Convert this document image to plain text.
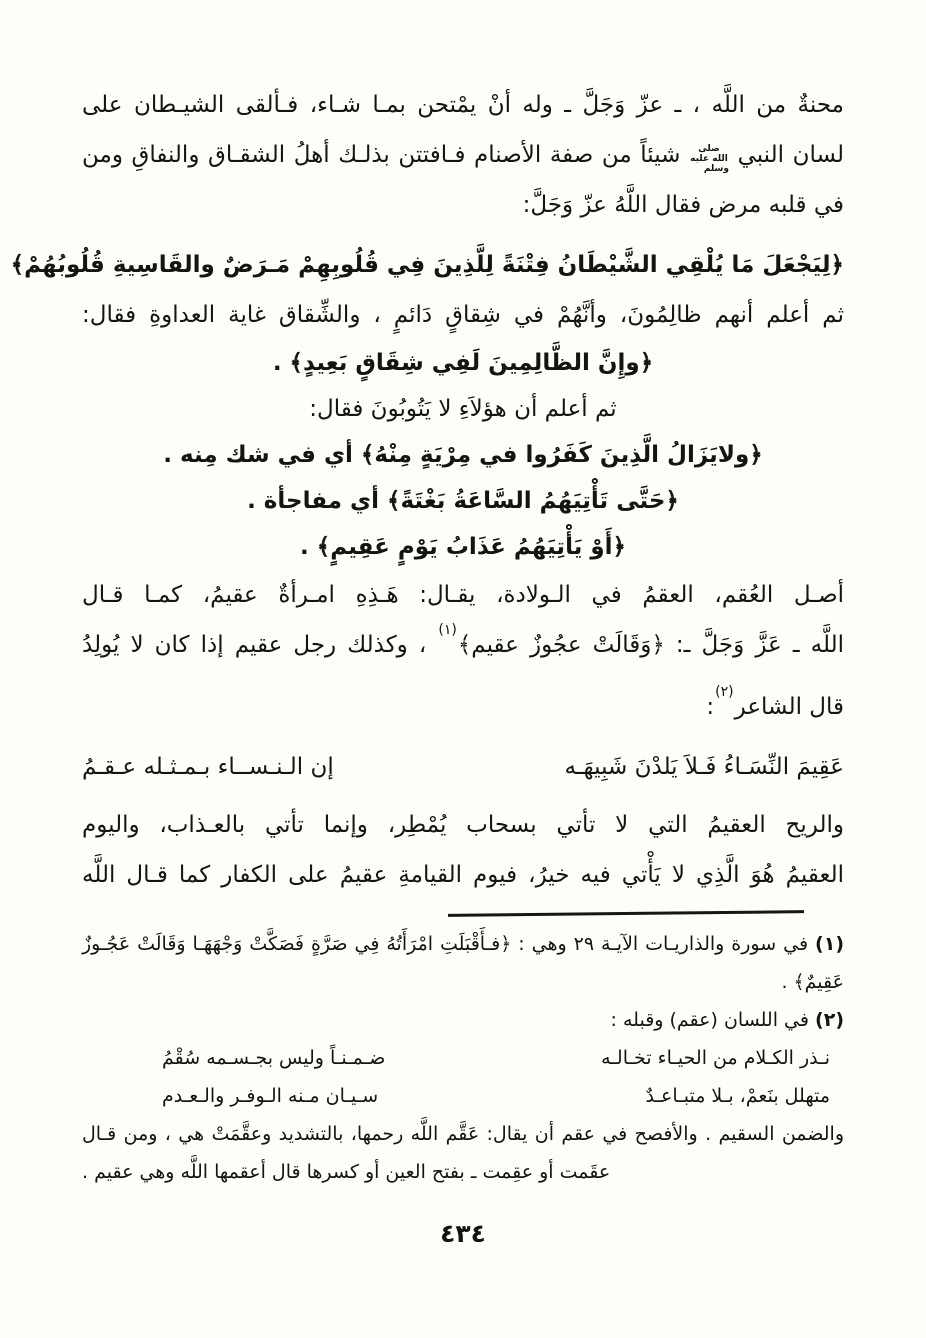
محنةٌ من اللَّه ، ـ عزّ وَجَلَّ ـ وله أنْ يمْتحن بمـا شـاء، فـألقى الشيـطان على
لسان النبي صلى الله عليه وسلم شيئاً من صفة الأصنام فـافتتن بذلـك أهلُ الشقـاق والنفاقِ ومن
في قلبه مرض فقال اللَّهُ عزّ وَجَلَّ:
﴿لِيَجْعَلَ مَا يُلْقِي الشَّيْطَانُ فِتْنَةً لِلَّذِينَ فِي قُلُوبِهِمْ مَـرَضٌ والقَاسِيةِ قُلُوبُهُمْ﴾
ثم أعلم أنهم ظالِمُونَ، وأنَّهُمْ في شِقاقٍ دَائمٍ ، والشِّقاق غاية العداوةِ فقال:
﴿وإِنَّ الظَّالِمِينَ لَفِي شِقَاقٍ بَعِيدٍ﴾ .
ثم أعلم أن هؤلاَءِ لا يَتُوبُونَ فقال:
﴿ولايَزَالُ الَّذِينَ كَفَرُوا في مِرْيَةٍ مِنْهُ﴾ أي في شك مِنه .
﴿حَتَّى تَأْتِيَهُمُ السَّاعَةُ بَغْتَةً﴾ أي مفاجأة .
﴿أَوْ يَأْتِيَهُمُ عَذَابُ يَوْمٍ عَقِيمٍ﴾ .
أصـل العُقم، العقمُ في الـولادة، يقـال: هَـذِهِ امـرأةٌ عقيمُ، كمـا قـال
اللَّه ـ عَزَّ وَجَلَّ ـ: ﴿وَقَالَتْ عجُوزٌ عقيم﴾$^{(١)}$ ، وكذلك رجل عقيم إذا كان لا يُولِدُ
قال الشاعر$^{(٢)}$:
عَقِيمَ النِّسَـاءُ فَـلاَ يَلدْنَ شَبِيهَـه
إن الـنـســاء بـمـثـله عـقـمُ
والريح العقيمُ التي لا تأتي بسحاب يُمْطِر، وإنما تأتي بالعـذاب، واليوم
العقيمُ هُوَ الَّذِي لا يَأْتي فيه خيرُ، فيوم القيامةِ عقيمُ على الكفار كما قـال اللَّه
(١) في سورة والذاريـات الآيـة ٢٩ وهي : ﴿فـأَقْبَلَتِ امْرَأَتُهُ فِي صَرَّةٍ فَصَكَّتْ وَجْهَهَـا وَقَالَتْ عَجُـوزٌ
عَقِيمٌ﴾ .
(٢) في اللسان (عقم) وقبله :
نـذر الكـلام من الحيـاء تخـالـه
ضـمـنـاً وليس بجـسـمه سُقْمُ
متهلل بنَعمْ، بـلا متبـاعـدٌ
سـيـان مـنه الـوفـر والـعـدم
والضمن السقيم . والأفصح في عقم أن يقال: عَقَّم اللَّه رحمها، بالتشديد وعقَّمَتْ هي ، ومن قـال
عقَمت أو عقِمت ـ بفتح العين أو كسرها قال أعقمها اللَّه وهي عقيم .
٤٣٤
